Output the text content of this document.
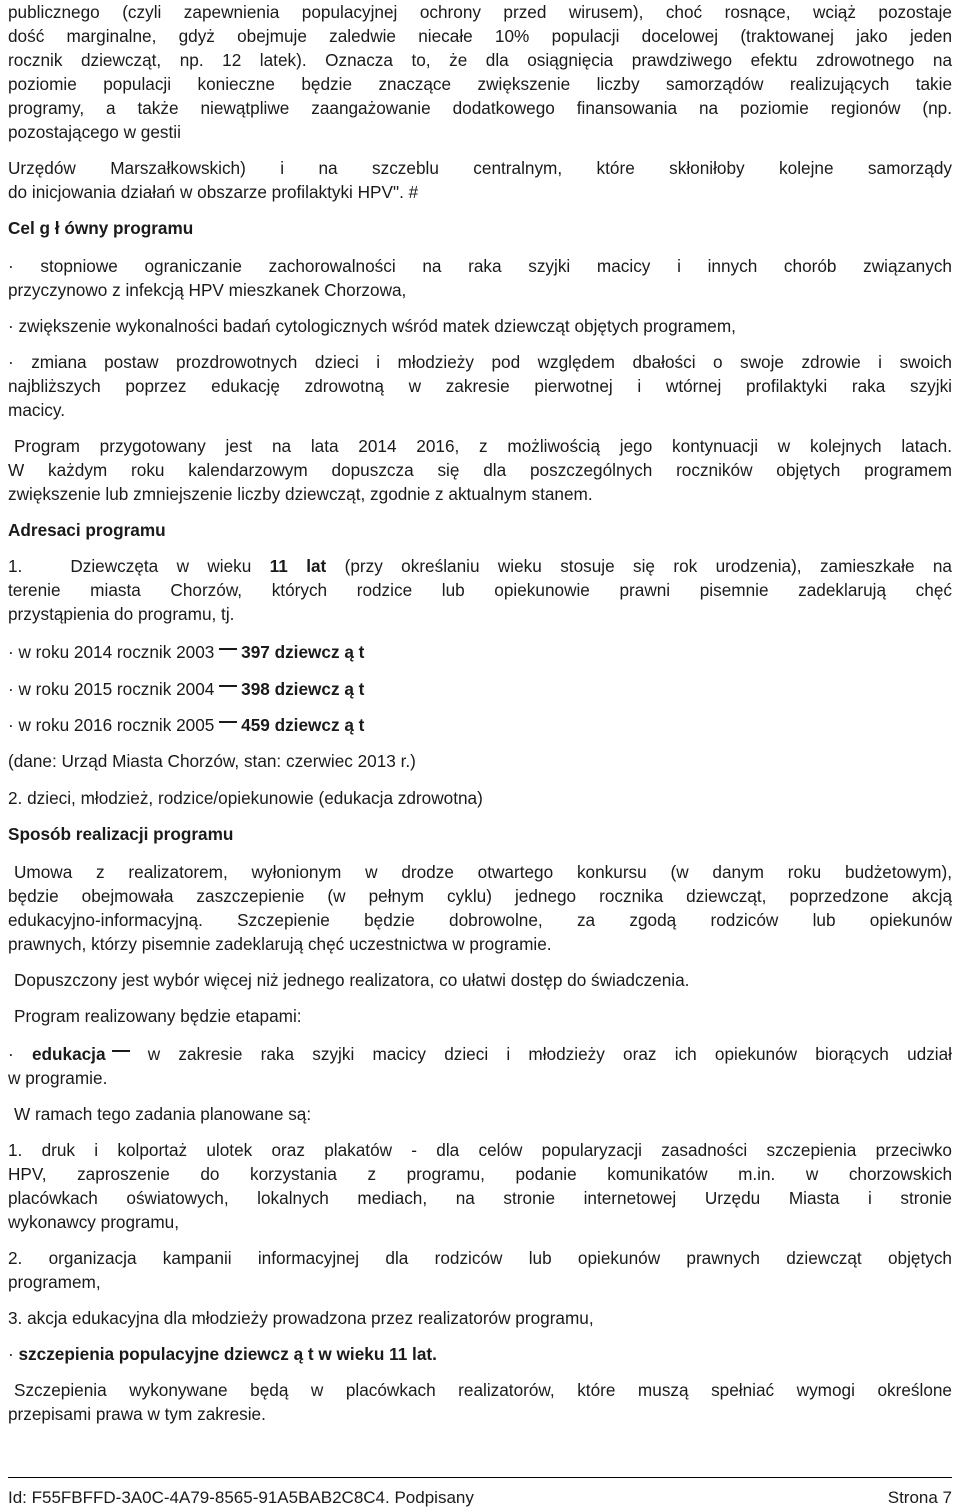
publicznego (czyli zapewnienia populacyjnej ochrony przed wirusem), choć rosnące, wciąż pozostaje

dość marginalne, gdyż obejmuje zaledwie niecałe 10% populacji docelowej (traktowanej jako jeden

rocznik dziewcząt, np. 12 latek). Oznacza to, że dla osiągnięcia prawdziwego efektu zdrowotnego na

poziomie populacji konieczne będzie znaczące zwiększenie liczby samorządów realizujących takie

programy, a także niewątpliwe zaangażowanie dodatkowego finansowania na poziomie regionów (np.

pozostającego w gestii

Urzędów Marszałkowskich) i na szczeblu centralnym, które skłoniłoby kolejne samorządy

do inicjowania działań w obszarze profilaktyki HPV". #

Cel g ł ówny programu

· stopniowe ograniczanie zachorowalności na raka szyjki macicy i innych chorób związanych

przyczynowo z infekcją HPV mieszkanek Chorzowa,

· zwiększenie wykonalności badań cytologicznych wśród matek dziewcząt objętych programem,

· zmiana postaw prozdrowotnych dzieci i młodzieży pod względem dbałości o swoje zdrowie i swoich

najbliższych poprzez edukację zdrowotną w zakresie pierwotnej i wtórnej profilaktyki raka szyjki

macicy.

Program przygotowany jest na lata 2014 2016, z możliwością jego kontynuacji w kolejnych latach.

W każdym roku kalendarzowym dopuszcza się dla poszczególnych roczników objętych programem

zwiększenie lub zmniejszenie liczby dziewcząt, zgodnie z aktualnym stanem.

Adresaci programu

1.	Dziewczęta w wieku 11 lat (przy określaniu wieku stosuje się rok urodzenia), zamieszkałe na

terenie miasta Chorzów, których rodzice lub opiekunowie prawni pisemnie zadeklarują chęć

przystąpienia do programu, tj.

· w roku 2014 rocznik 2003 397 dziewcz ą t

· w roku 2015 rocznik 2004 398 dziewcz ą t

· w roku 2016 rocznik 2005 459 dziewcz ą t

(dane: Urząd Miasta Chorzów, stan: czerwiec 2013 r.)

2. dzieci, młodzież, rodzice/opiekunowie (edukacja zdrowotna)

Sposób realizacji programu

Umowa z realizatorem, wyłonionym w drodze otwartego konkursu (w danym roku budżetowym),

będzie obejmowała zaszczepienie (w pełnym cyklu) jednego rocznika dziewcząt, poprzedzone akcją

edukacyjno-informacyjną. Szczepienie będzie dobrowolne, za zgodą rodziców lub opiekunów

prawnych, którzy pisemnie zadeklarują chęć uczestnictwa w programie.

Dopuszczony jest wybór więcej niż jednego realizatora, co ułatwi dostęp do świadczenia.

Program realizowany będzie etapami:

· edukacja w zakresie raka szyjki macicy dzieci i młodzieży oraz ich opiekunów biorących udział

w programie.

W ramach tego zadania planowane są:

1. druk i kolportaż ulotek oraz plakatów - dla celów popularyzacji zasadności szczepienia przeciwko

HPV, zaproszenie do korzystania z programu, podanie komunikatów m.in. w chorzowskich

placówkach oświatowych, lokalnych mediach, na stronie internetowej Urzędu Miasta i stronie

wykonawcy programu,

2. organizacja kampanii informacyjnej dla rodziców lub opiekunów prawnych dziewcząt objętych

programem,

3. akcja edukacyjna dla młodzieży prowadzona przez realizatorów programu,

· szczepienia populacyjne dziewcz ą t w wieku 11 lat.

Szczepienia wykonywane będą w placówkach realizatorów, które muszą spełniać wymogi określone

przepisami prawa w tym zakresie.

Id: F55FBFFD-3A0C-4A79-8565-91A5BAB2C8C4. Podpisany	Strona 7
